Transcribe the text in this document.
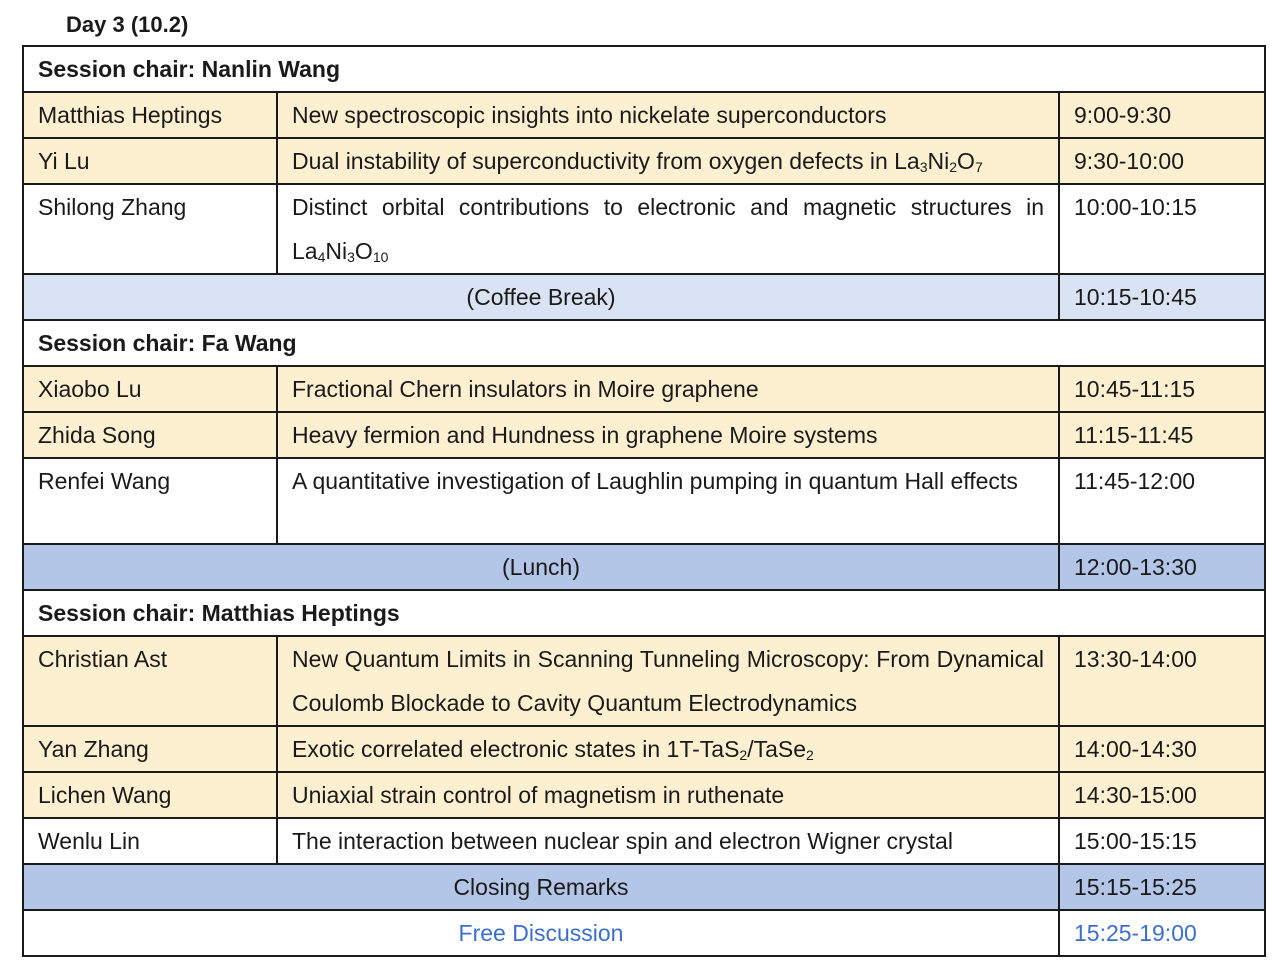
Day 3 (10.2)
Session chair: Nanlin Wang		
Matthias Heptings	New spectroscopic insights into nickelate superconductors	9:00-9:30
Yi Lu	Dual instability of superconductivity from oxygen defects in $La_3Ni_2O_7$	9:30-10:00
Shilong Zhang	Distinct orbital contributions to electronic and magnetic structures in $La_4Ni_3O_{10}$	10:00-10:15
(Coffee Break)		10:15-10:45
Session chair: Fa Wang		
Xiaobo Lu	Fractional Chern insulators in Moire graphene	10:45-11:15
Zhida Song	Heavy fermion and Hundness in graphene Moire systems	11:15-11:45
Renfei Wang	A quantitative investigation of Laughlin pumping in quantum Hall effects	11:45-12:00
(Lunch)		12:00-13:30
Session chair: Matthias Heptings		
Christian Ast	New Quantum Limits in Scanning Tunneling Microscopy: From Dynamical Coulomb Blockade to Cavity Quantum Electrodynamics	13:30-14:00
Yan Zhang	Exotic correlated electronic states in 1T-TaS$_2$/TaSe$_2$	14:00-14:30
Lichen Wang	Uniaxial strain control of magnetism in ruthenate	14:30-15:00
Wenlu Lin	The interaction between nuclear spin and electron Wigner crystal	15:00-15:15
Closing Remarks		15:15-15:25
Free Discussion		15:25-19:00
